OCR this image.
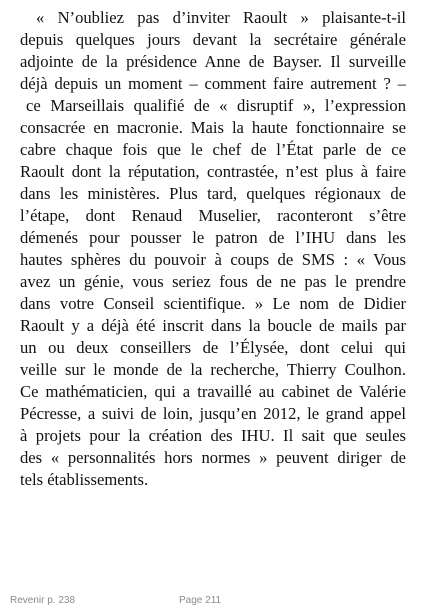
« N’oubliez pas d’inviter Raoult » plaisante-t-il
depuis quelques jours devant la secrétaire générale
adjointe de la présidence Anne de Bayser. Il surveille
déjà depuis un moment – comment faire autrement ? –
ce Marseillais qualifié de « disruptif », l’expression
consacrée en macronie. Mais la haute fonctionnaire se
cabre chaque fois que le chef de l’État parle de ce
Raoult dont la réputation, contrastée, n’est plus à faire
dans les ministères. Plus tard, quelques régionaux de
l’étape, dont Renaud Muselier, raconteront s’être
démenés pour pousser le patron de l’IHU dans les
hautes sphères du pouvoir à coups de SMS : « Vous
avez un génie, vous seriez fous de ne pas le prendre
dans votre Conseil scientifique. » Le nom de Didier
Raoult y a déjà été inscrit dans la boucle de mails par
un ou deux conseillers de l’Élysée, dont celui qui
veille sur le monde de la recherche, Thierry Coulhon.
Ce mathématicien, qui a travaillé au cabinet de Valérie
Pécresse, a suivi de loin, jusqu’en 2012, le grand appel
à projets pour la création des IHU. Il sait que seules
des « personnalités hors normes » peuvent diriger de
tels établissements.
Revenir p. 238	Page 211
